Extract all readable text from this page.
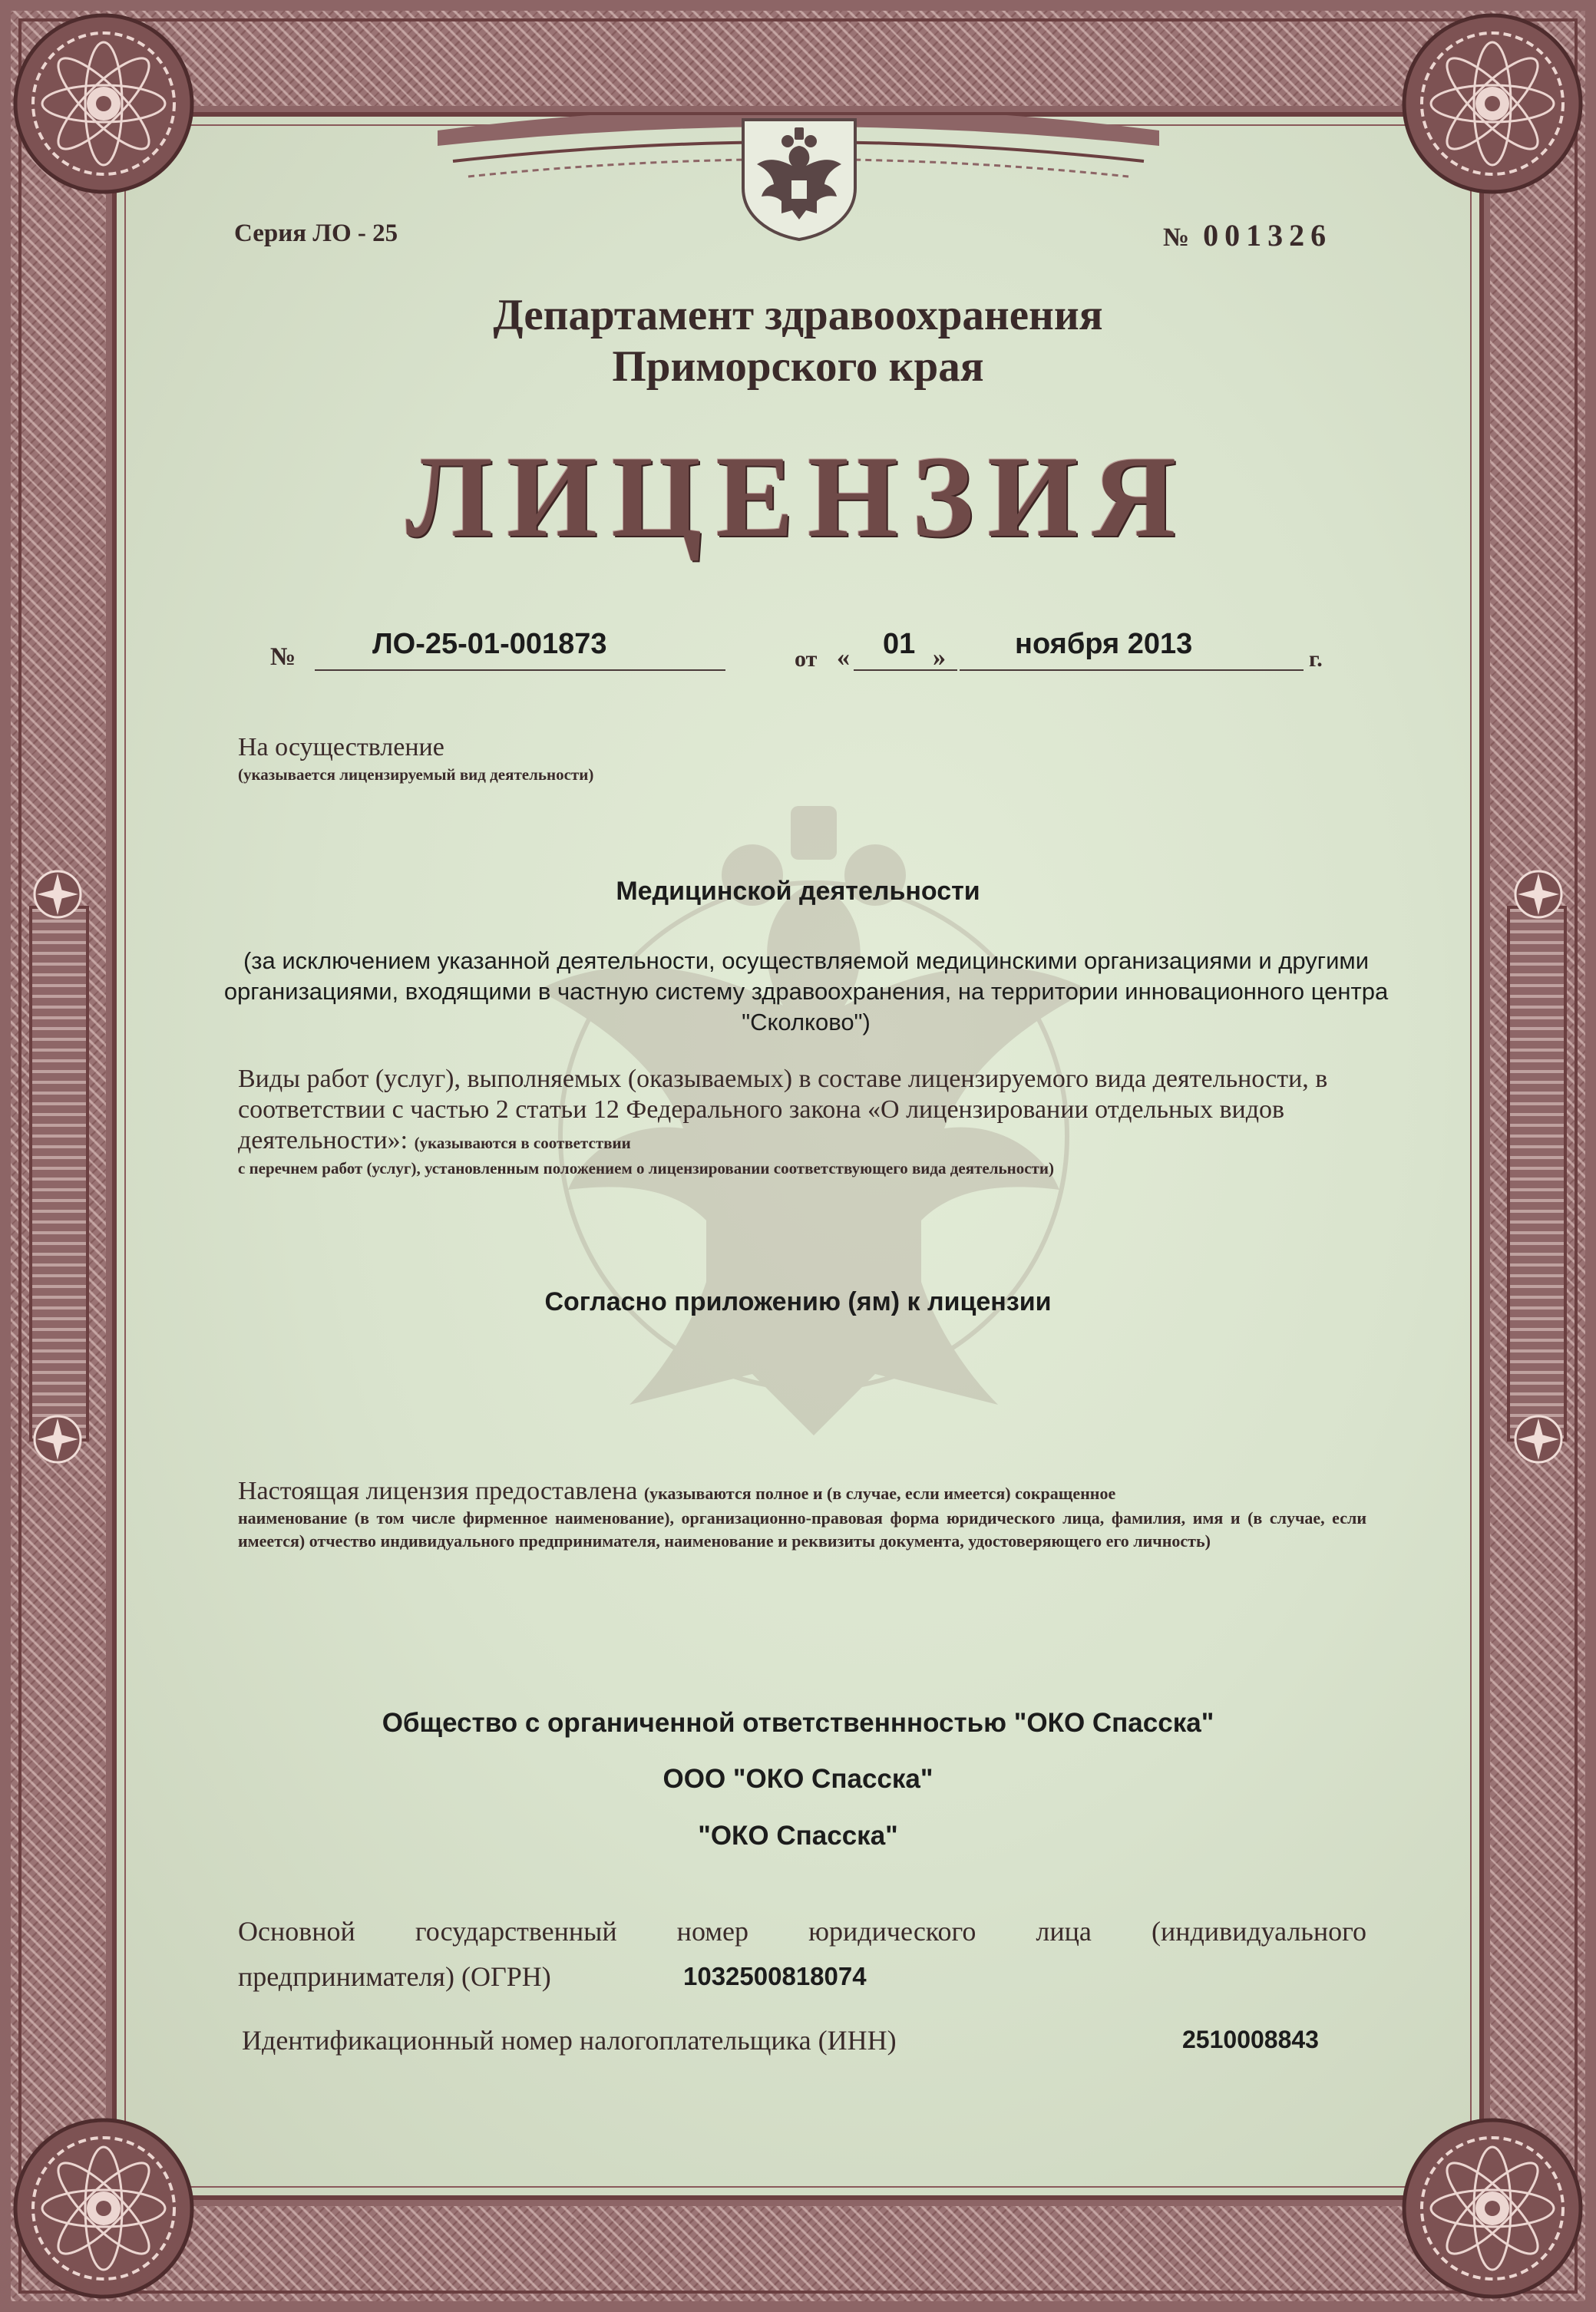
Серия ЛО - 25	№ 001326

Департамент здравоохранения

Приморского края

ЛИЦЕНЗИЯ

№	ЛО-25-01-001873	от « 01 » ноября 2013	г.

На осуществление

(указывается лицензируемый вид деятельности)

Медицинской деятельности

(за исключением указанной деятельности, осуществляемой медицинскими организациями и другими организациями, входящими в частную систему здравоохранения, на территории инновационного центра "Сколково")

Виды работ (услуг), выполняемых (оказываемых) в составе лицензируемого вида деятельности, в соответствии с частью 2 статьи 12 Федерального закона «О лицензировании отдельных видов деятельности»: (указываются в соответствии

с перечнем работ (услуг), установленным положением о лицензировании соответствующего вида деятельности)

Согласно приложению (ям) к лицензии

Настоящая лицензия предоставлена (указываются полное и (в случае, если имеется) сокращенное

наименование (в том числе фирменное наименование), организационно-правовая форма юридического лица, фамилия, имя и (в случае, если имеется) отчество индивидуального предпринимателя, наименование и реквизиты документа, удостоверяющего его личность)

Общество с органиченной ответственнностью "ОКО Спасска"

ООО "ОКО Спасска"

"ОКО Спасска"

Основной государственный номер юридического лица (индивидуального

предпринимателя) (ОГРН)	1032500818074

Идентификационный номер налогоплательщика (ИНН)	2510008843
